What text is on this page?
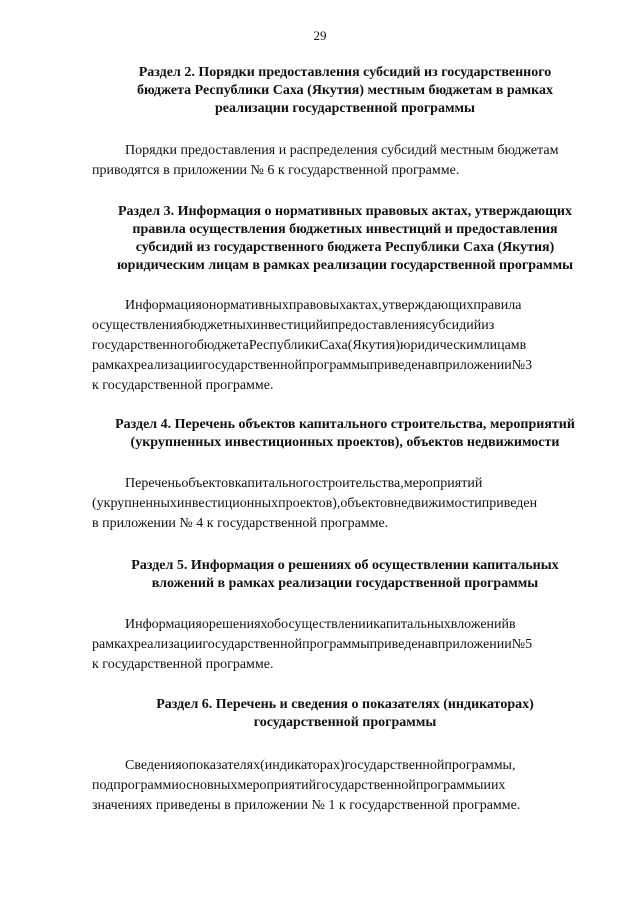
29
Раздел 2. Порядки предоставления субсидий из государственного
бюджета Республики Саха (Якутия) местным бюджетам в рамках
реализации государственной программы
Порядки предоставления и распределения субсидий местным бюджетам
приводятся в приложении № 6 к государственной программе.
Раздел 3. Информация о нормативных правовых актах, утверждающих
правила осуществления бюджетных инвестиций и предоставления
субсидий из государственного бюджета Республики Саха (Якутия)
юридическим лицам в рамках реализации государственной программы
Информацияонормативныхправовыхактах,утверждающихправила
осуществлениябюджетныхинвестицийипредоставлениясубсидийиз
государственногобюджетаРеспубликиСаха(Якутия)юридическимлицамв
рамкахреализациигосударственнойпрограммыприведенавприложении№3
к государственной программе.
Раздел 4. Перечень объектов капитального строительства, мероприятий
(укрупненных инвестиционных проектов), объектов недвижимости
Переченьобъектовкапитальногостроительства,мероприятий
(укрупненныхинвестиционныхпроектов),объектовнедвижимостиприведен
в приложении № 4 к государственной программе.
Раздел 5. Информация о решениях об осуществлении капитальных
вложений в рамках реализации государственной программы
Информацияорешенияхобосуществлениикапитальныхвложенийв
рамкахреализациигосударственнойпрограммыприведенавприложении№5
к государственной программе.
Раздел 6. Перечень и сведения о показателях (индикаторах)
государственной программы
Сведенияопоказателях(индикаторах)государственнойпрограммы,
подпрограммиосновныхмероприятийгосударственнойпрограммыиих
значениях приведены в приложении № 1 к государственной программе.
